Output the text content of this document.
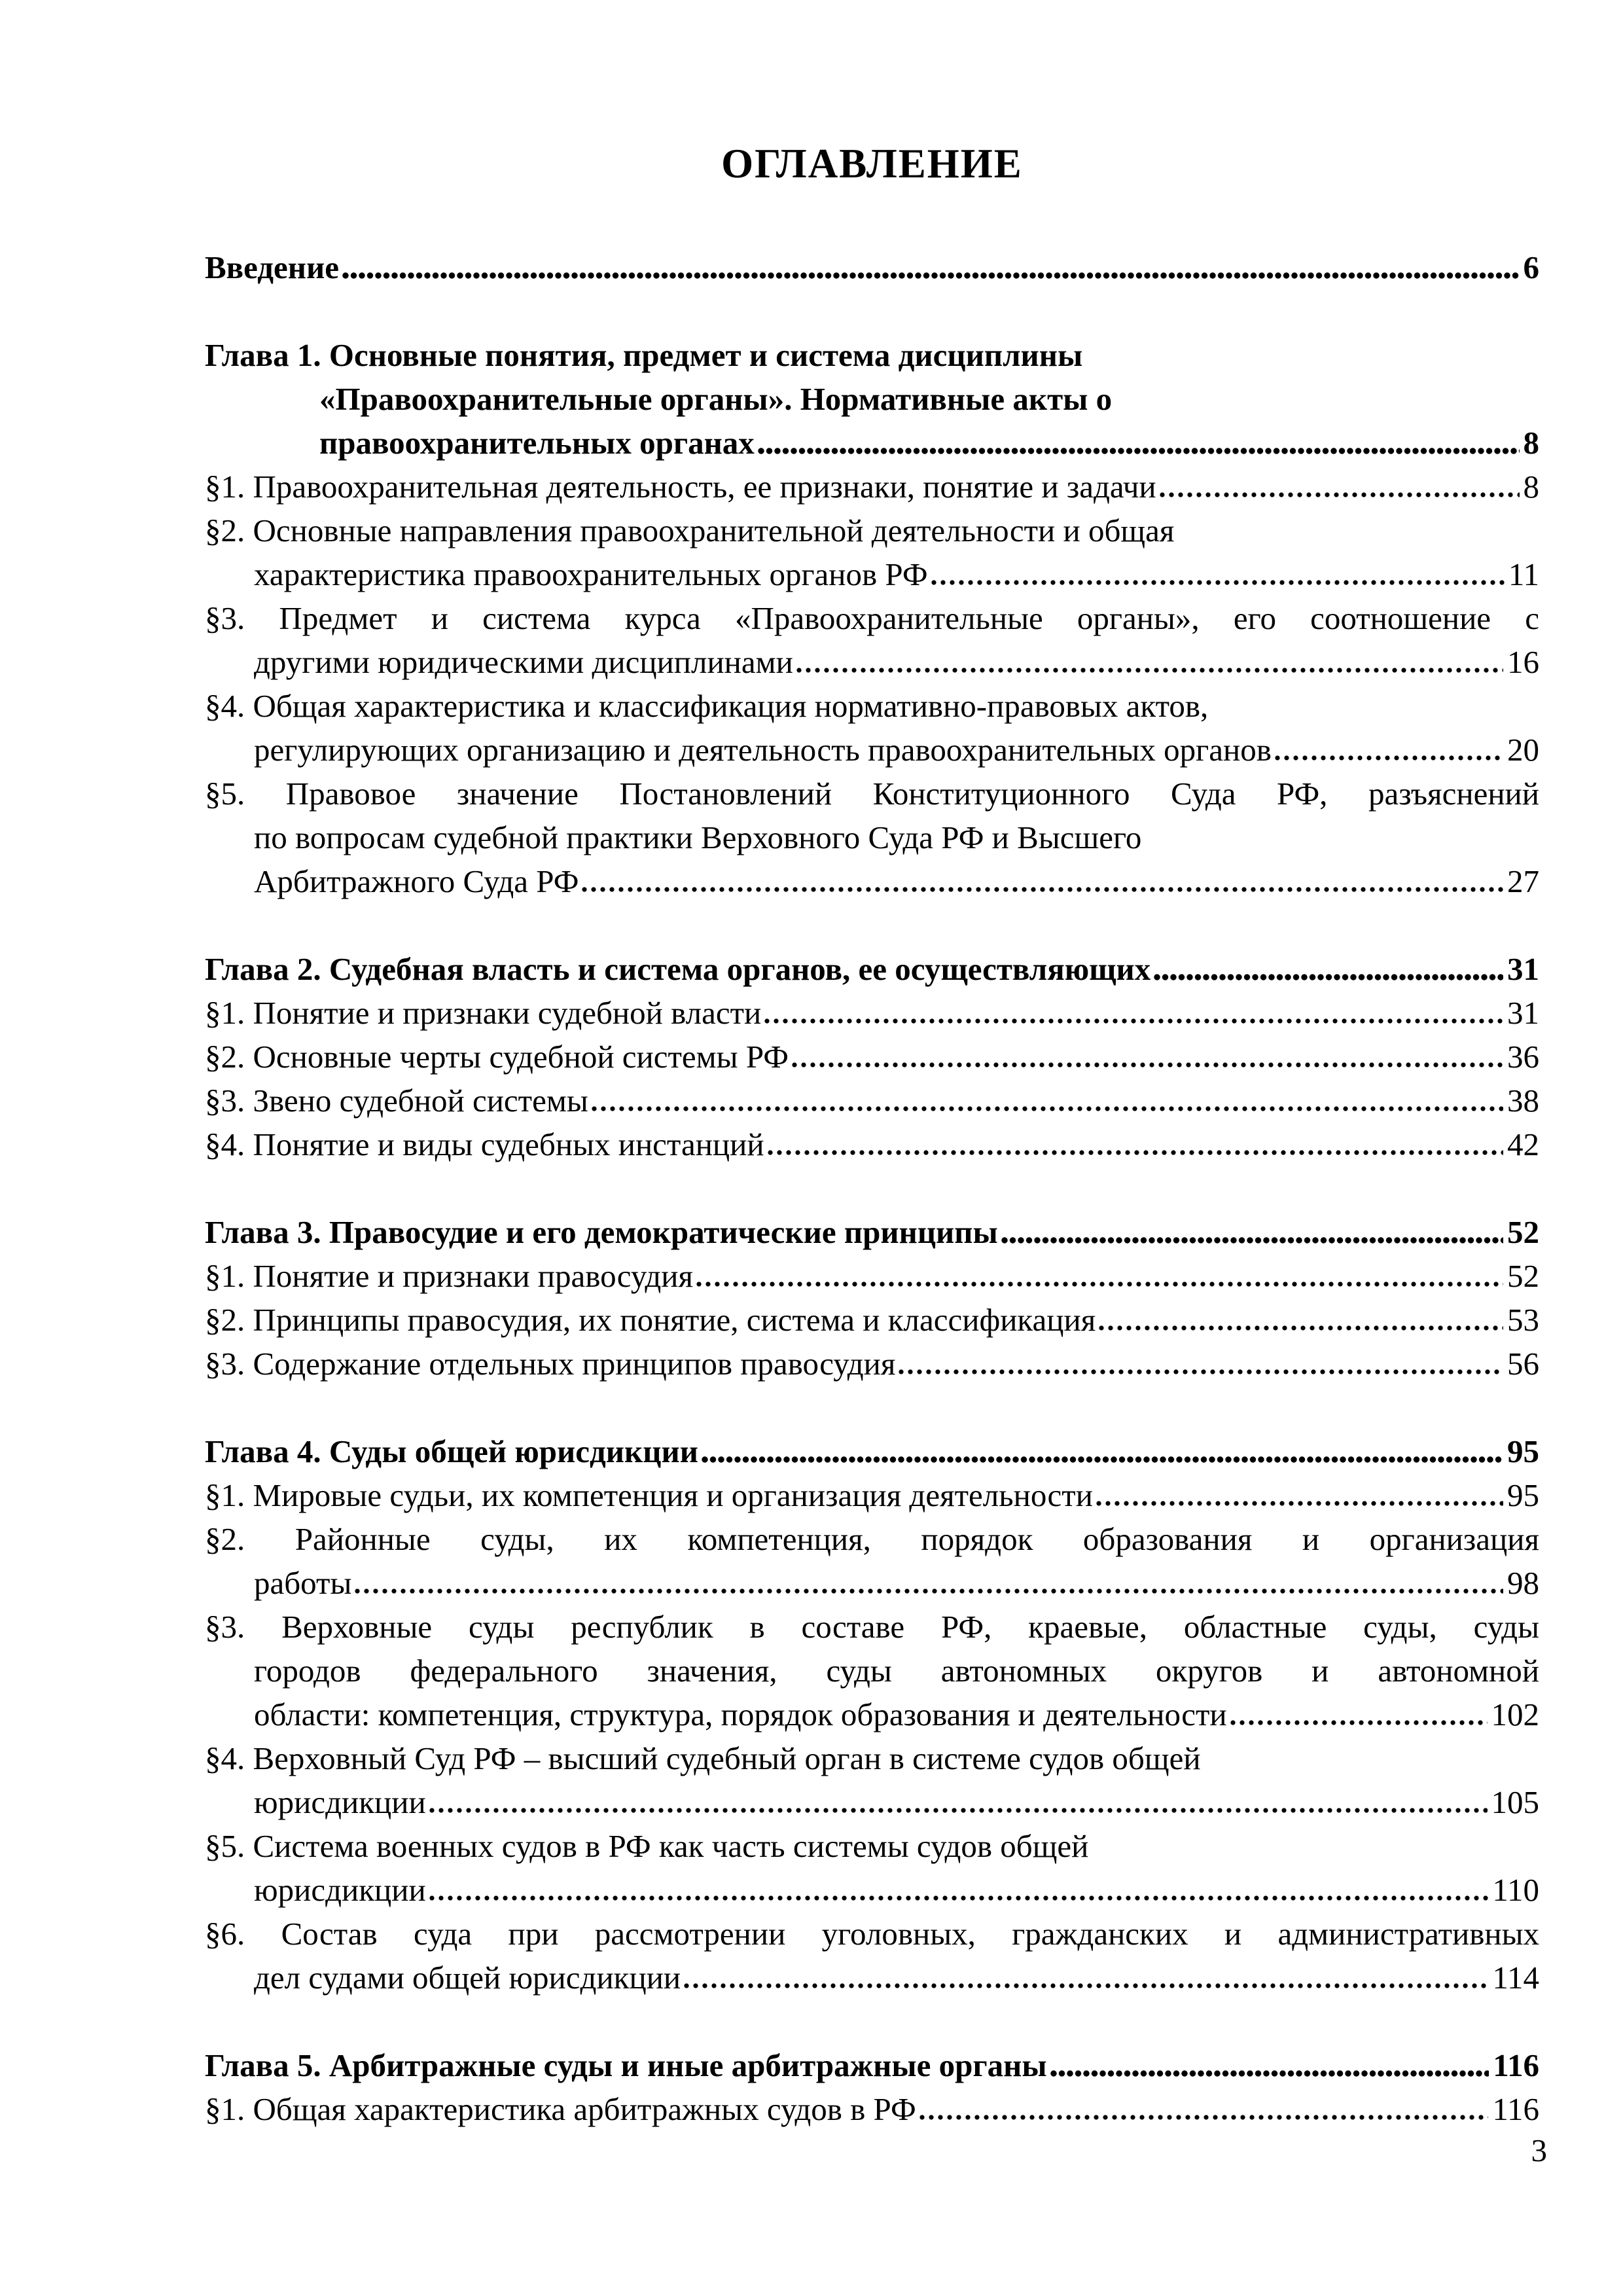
ОГЛАВЛЕНИЕ
Введение	6
Глава 1. Основные понятия, предмет и система дисциплины
«Правоохранительные органы». Нормативные акты о
правоохранительных органах	8
§1. Правоохранительная деятельность, ее признаки, понятие и задачи	8
§2. Основные направления правоохранительной деятельности и общая
характеристика правоохранительных органов РФ	11
§3. Предмет и система курса «Правоохранительные органы», его соотношение с
другими юридическими дисциплинами	16
§4. Общая характеристика и классификация нормативно-правовых актов,
регулирующих организацию и деятельность правоохранительных органов	20
§5. Правовое значение Постановлений Конституционного Суда РФ, разъяснений
по вопросам судебной практики Верховного Суда РФ и Высшего
Арбитражного Суда РФ	27
Глава 2. Судебная власть и система органов, ее осуществляющих	31
§1. Понятие и признаки судебной власти	31
§2. Основные черты судебной системы РФ	36
§3. Звено судебной системы	38
§4. Понятие и виды судебных инстанций	42
Глава 3. Правосудие и его демократические принципы	52
§1. Понятие и признаки правосудия	52
§2. Принципы правосудия, их понятие, система и классификация	53
§3. Содержание отдельных принципов правосудия	56
Глава 4. Суды общей юрисдикции	95
§1. Мировые судьи, их компетенция и организация деятельности	95
§2. Районные суды, их компетенция, порядок образования и организация
работы	98
§3. Верховные суды республик в составе РФ, краевые, областные суды, суды
городов федерального значения, суды автономных округов и автономной
области: компетенция, структура, порядок образования и деятельности	102
§4. Верховный Суд РФ – высший судебный орган в системе судов общей
юрисдикции	105
§5. Система военных судов в РФ как часть системы судов общей
юрисдикции	110
§6. Состав суда при рассмотрении уголовных, гражданских и административных
дел судами общей юрисдикции	114
Глава 5. Арбитражные суды и иные арбитражные органы	116
§1. Общая характеристика арбитражных судов в РФ	116
3
